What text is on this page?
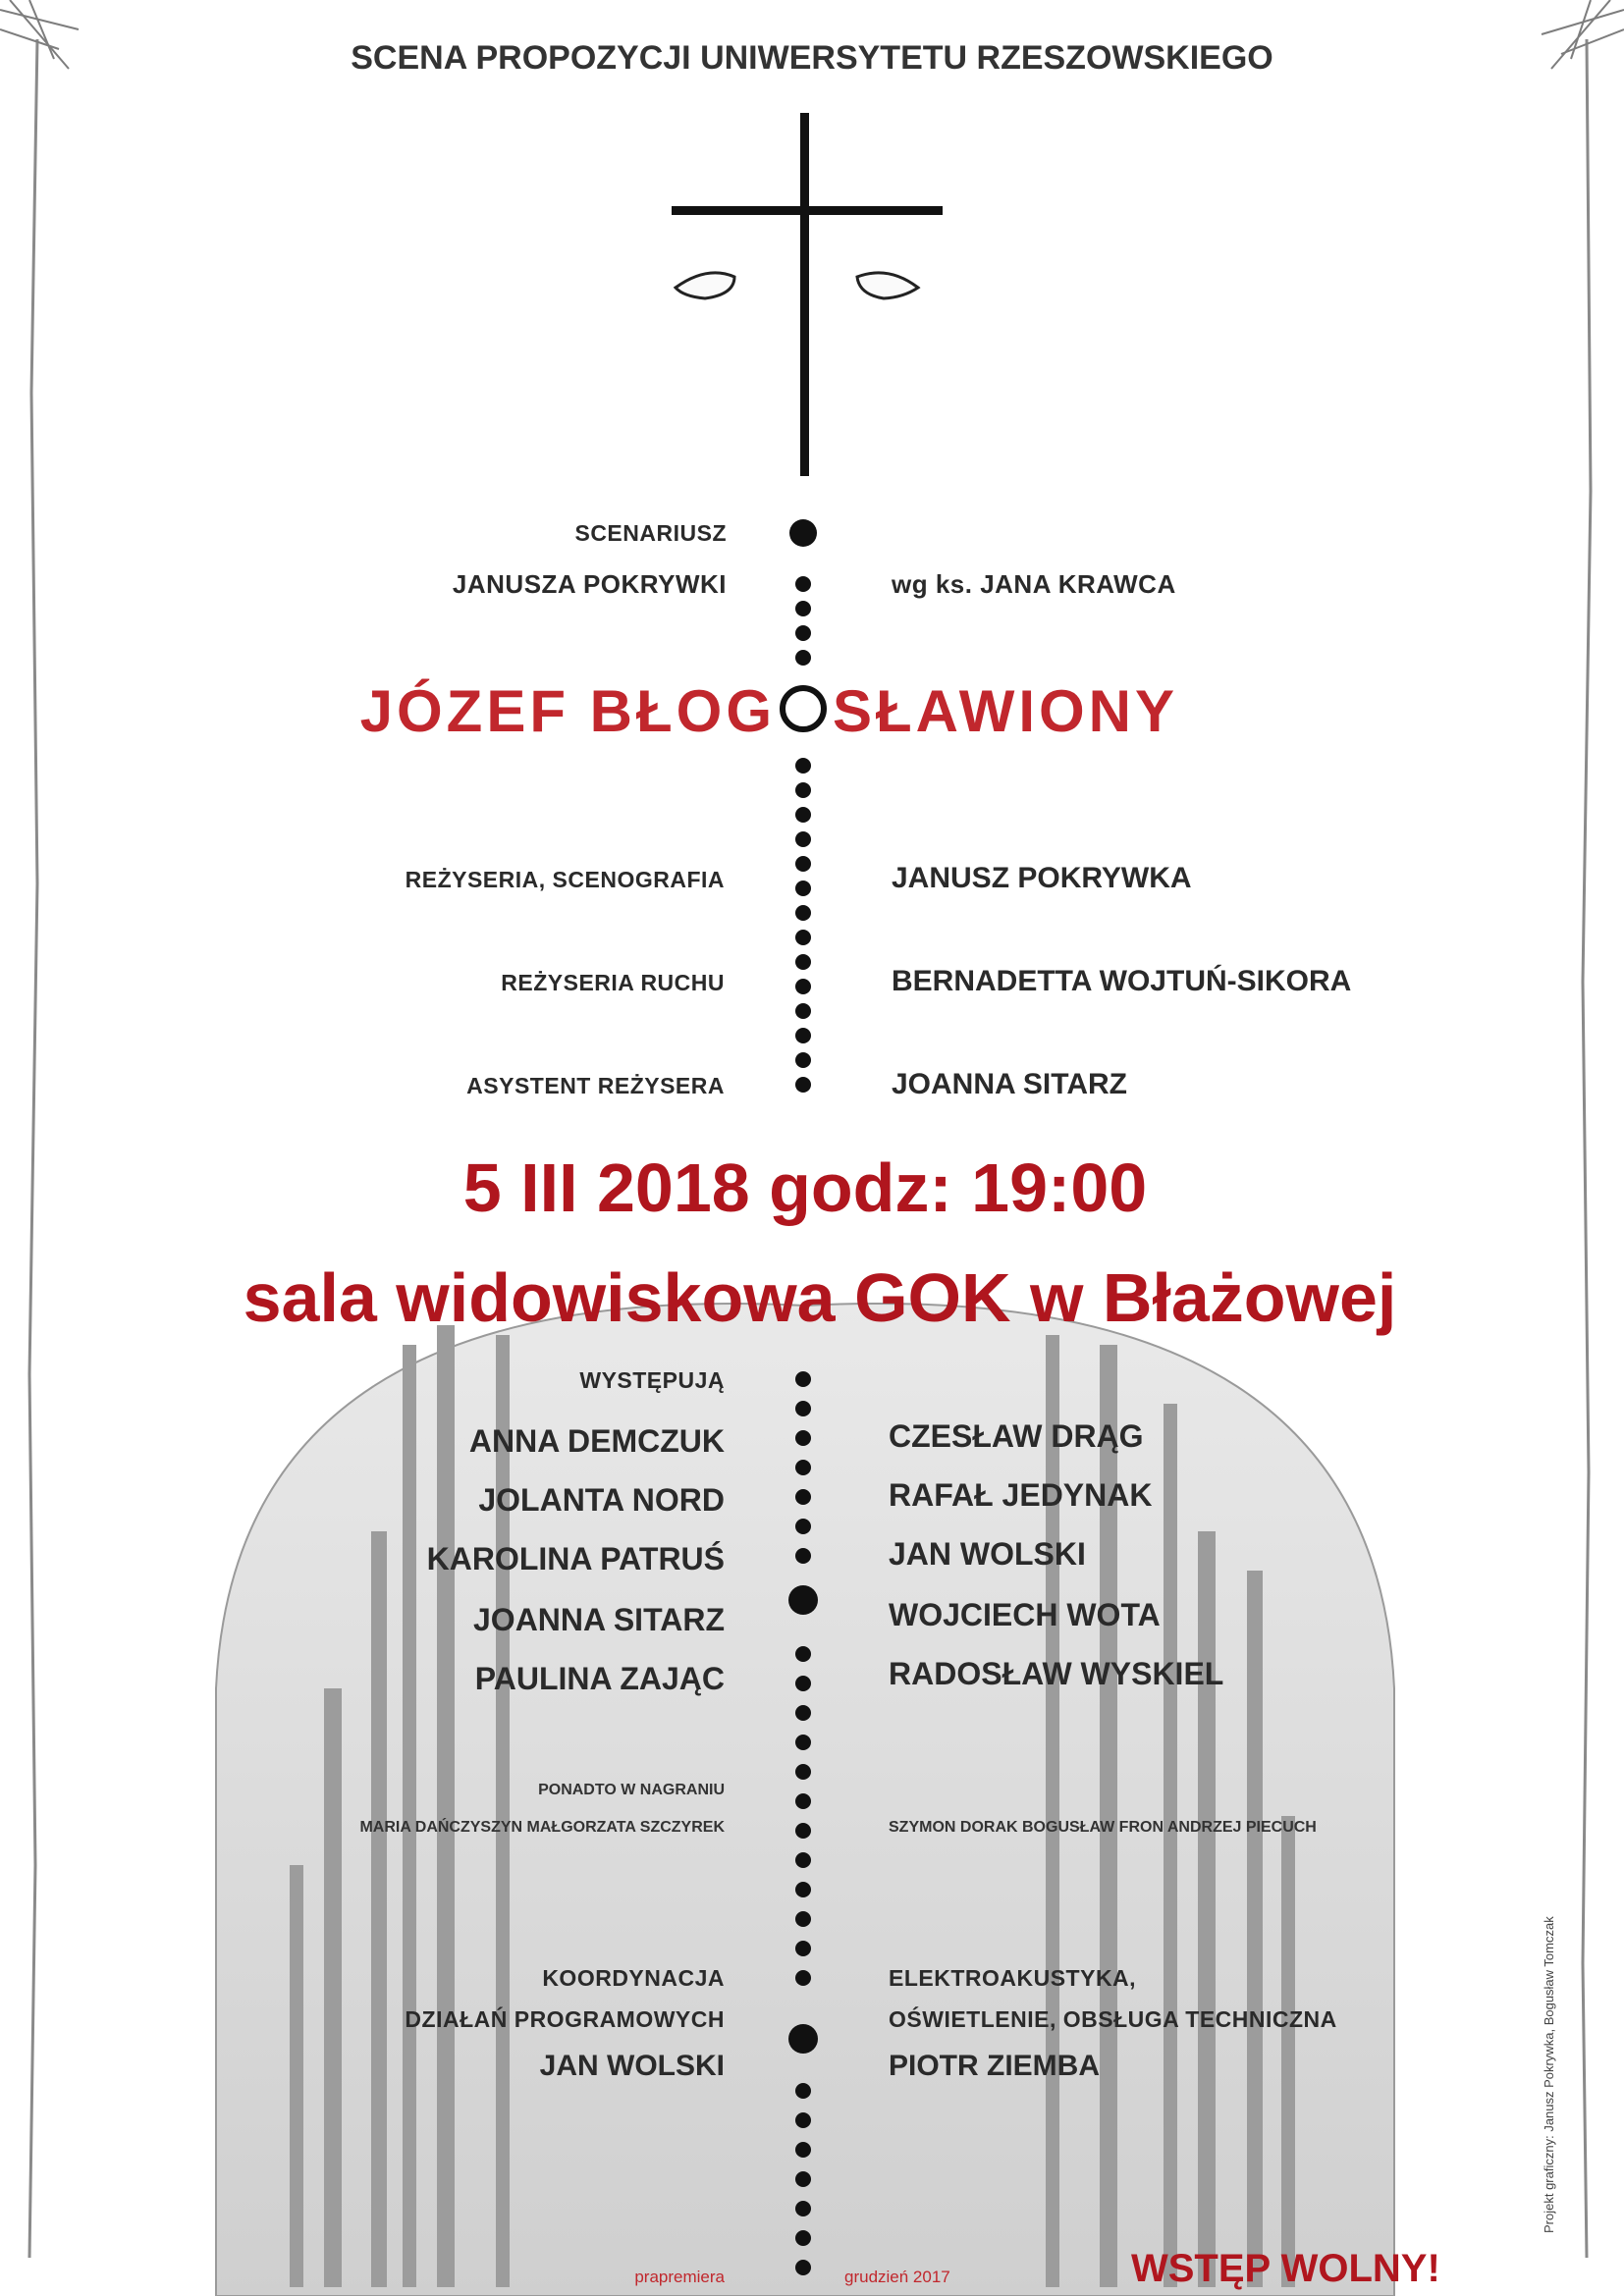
SCENA PROPOZYCJI UNIWERSYTETU RZESZOWSKIEGO
SCENARIUSZ
JANUSZA POKRYWKI	wg ks. JANA KRAWCA
JÓZEF BŁOG SŁAWIONY
REŻYSERIA, SCENOGRAFIA	JANUSZ POKRYWKA
REŻYSERIA RUCHU	BERNADETTA WOJTUŃ-SIKORA
ASYSTENT REŻYSERA	JOANNA SITARZ
5 III 2018 godz: 19:00
sala widowiskowa GOK w Błażowej
WYSTĘPUJĄ
ANNA DEMCZUK
JOLANTA NORD
KAROLINA PATRUŚ
JOANNA SITARZ
PAULINA ZAJĄC
CZESŁAW DRĄG
RAFAŁ JEDYNAK
JAN WOLSKI
WOJCIECH WOTA
RADOSŁAW WYSKIEL
PONADTO W NAGRANIU
MARIA DAŃCZYSZYN MAŁGORZATA SZCZYREK	SZYMON DORAK BOGUSŁAW FRON ANDRZEJ PIECUCH
KOORDYNACJA
DZIAŁAŃ PROGRAMOWYCH
JAN WOLSKI
ELEKTROAKUSTYKA,
OŚWIETLENIE, OBSŁUGA TECHNICZNA
PIOTR ZIEMBA
prapremiera	grudzień 2017	WSTĘP WOLNY!
Projekt graficzny: Janusz Pokrywka, Bogusław Tomczak
